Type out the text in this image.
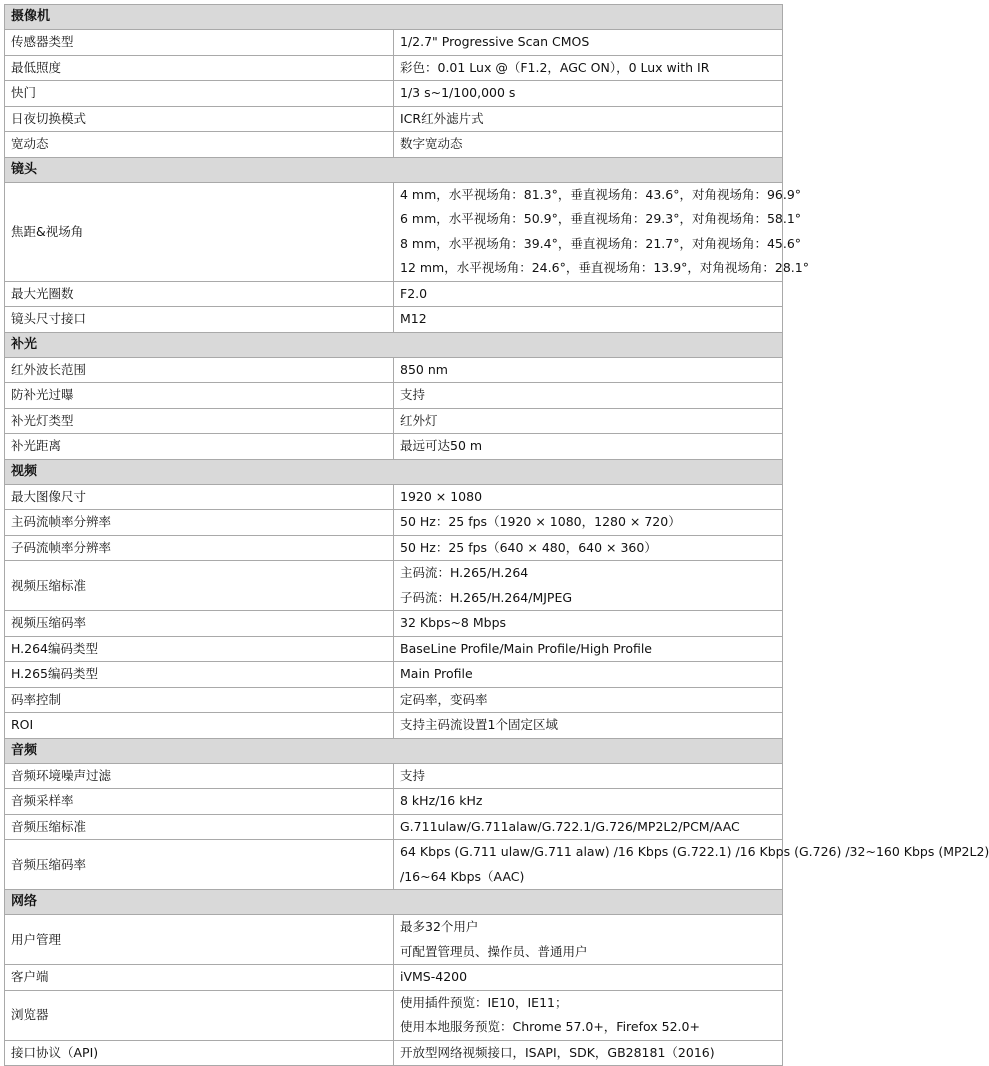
摄像机	
传感器类型	1/2.7" Progressive Scan CMOS

最低照度	彩色：0.01 Lux @（F1.2，AGC ON），0 Lux with IR

快门	1/3 s~1/100,000 s

日夜切换模式	ICR红外滤片式

宽动态	数字宽动态

镜头	
焦距&视场角	4 mm，水平视场角：81.3°，垂直视场角：43.6°，对角视场角：96.9°
6 mm，水平视场角：50.9°，垂直视场角：29.3°，对角视场角：58.1°
8 mm，水平视场角：39.4°，垂直视场角：21.7°，对角视场角：45.6°
12 mm，水平视场角：24.6°，垂直视场角：13.9°，对角视场角：28.1°

最大光圈数	F2.0

镜头尺寸接口	M12

补光	
红外波长范围	850 nm

防补光过曝	支持

补光灯类型	红外灯

补光距离	最远可达50 m

视频	
最大图像尺寸	1920 × 1080

主码流帧率分辨率	50 Hz：25 fps（1920 × 1080，1280 × 720）

子码流帧率分辨率	50 Hz：25 fps（640 × 480，640 × 360）

视频压缩标准	主码流：H.265/H.264
子码流：H.265/H.264/MJPEG

视频压缩码率	32 Kbps~8 Mbps

H.264编码类型	BaseLine Profile/Main Profile/High Profile

H.265编码类型	Main Profile

码率控制	定码率，变码率

ROI	支持主码流设置1个固定区域

音频	
音频环境噪声过滤	支持

音频采样率	8 kHz/16 kHz

音频压缩标准	G.711ulaw/G.711alaw/G.722.1/G.726/MP2L2/PCM/AAC

音频压缩码率	64 Kbps (G.711 ulaw/G.711 alaw) /16 Kbps (G.722.1) /16 Kbps (G.726) /32~160 Kbps (MP2L2)
/16~64 Kbps（AAC)

网络	
用户管理	最多32个用户
可配置管理员、操作员、普通用户

客户端	iVMS-4200

浏览器	使用插件预览：IE10，IE11；
使用本地服务预览：Chrome 57.0+，Firefox 52.0+

接口协议（API)	开放型网络视频接口，ISAPI，SDK，GB28181（2016)
